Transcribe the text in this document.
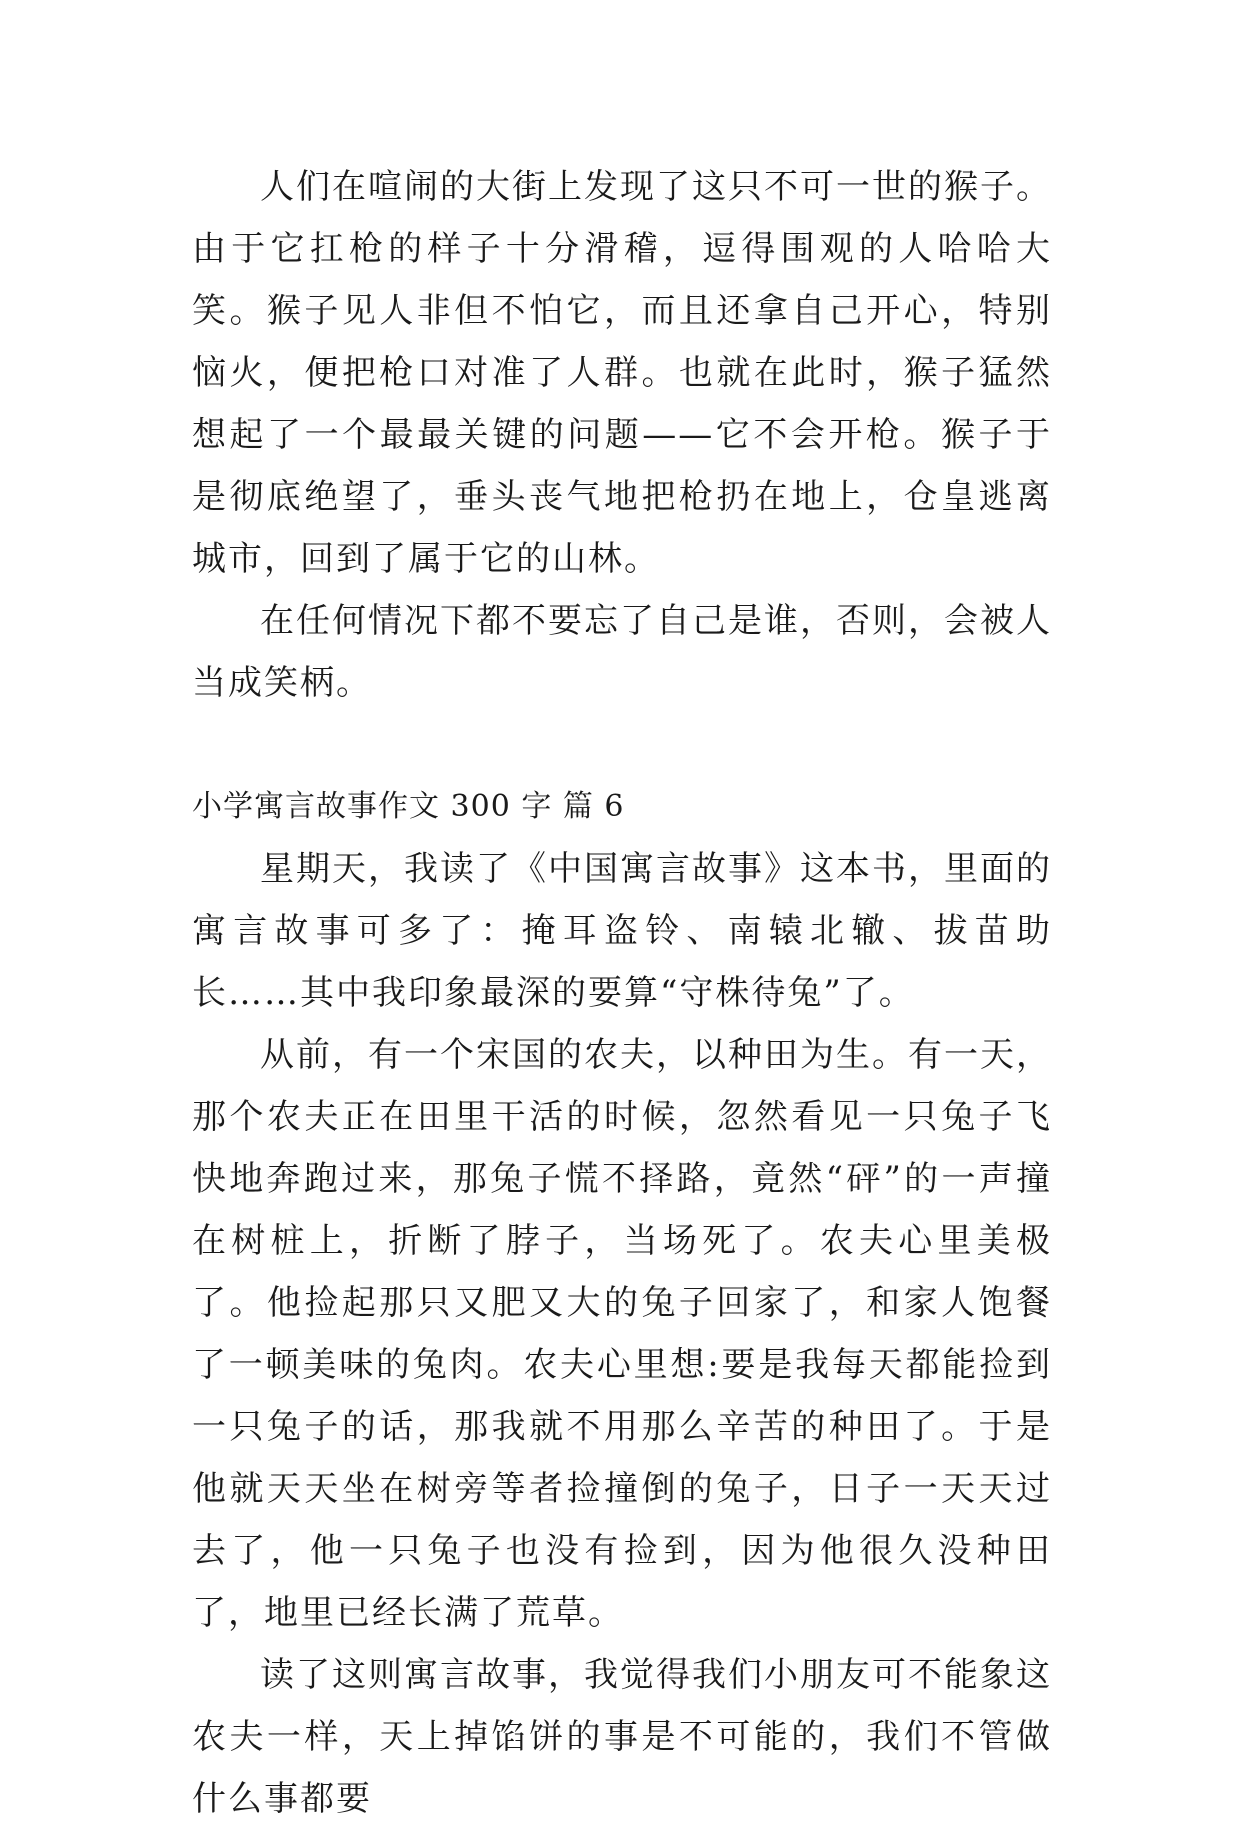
人们在喧闹的大街上发现了这只不可一世的猴子。由于它扛枪的样子十分滑稽，逗得围观的人哈哈大笑。猴子见人非但不怕它，而且还拿自己开心，特别恼火，便把枪口对准了人群。也就在此时，猴子猛然想起了一个最最关键的问题——它不会开枪。猴子于是彻底绝望了，垂头丧气地把枪扔在地上，仓皇逃离城市，回到了属于它的山林。

在任何情况下都不要忘了自己是谁，否则，会被人当成笑柄。

小学寓言故事作文 300 字 篇 6

星期天，我读了《中国寓言故事》这本书，里面的寓言故事可多了：掩耳盗铃、南辕北辙、拔苗助长……其中我印象最深的要算“守株待兔”了。

从前，有一个宋国的农夫，以种田为生。有一天，那个农夫正在田里干活的时候，忽然看见一只兔子飞快地奔跑过来，那兔子慌不择路，竟然“砰”的一声撞在树桩上，折断了脖子，当场死了。农夫心里美极了。他捡起那只又肥又大的兔子回家了，和家人饱餐了一顿美味的兔肉。农夫心里想:要是我每天都能捡到一只兔子的话，那我就不用那么辛苦的种田了。于是他就天天坐在树旁等者捡撞倒的兔子，日子一天天过去了，他一只兔子也没有捡到，因为他很久没种田了，地里已经长满了荒草。

读了这则寓言故事，我觉得我们小朋友可不能象这农夫一样，天上掉馅饼的事是不可能的，我们不管做什么事都要
